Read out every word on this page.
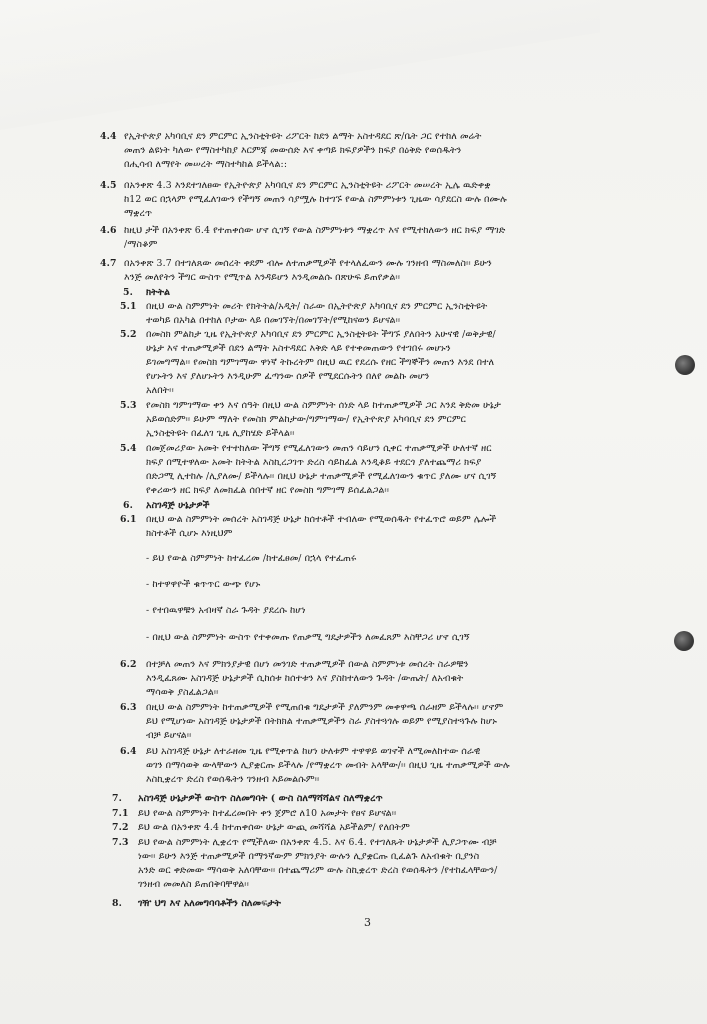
4.4 የኢትዮጵያ አካባቢና ደን ምርምር ኢንስቲትዩት ሪፖርት ከደን ልማት አስተዳደር ጽ/ቤት ጋር የተከለ መሬት
መጠን ልዩነት ካለው የማስተካከያ እርምጃ መውሰድ እና ቀጣይ ክፍያዎችን ክፍያ በዕቅድ የወሰዱትን
በሒሳብ ለማየት መሠረት ማስተካከል ይችላል::
4.5 በአንቀጽ 4.3 እንደተገለፀው የኢትዮጵያ አካባቢና ደን ምርምር ኢንስቲትዩት ሪፖርት መሠረት ኢሌ ዉድቀቋ
ከ12 ወር በኋላም የሚፈለገውን የችግኝ መጠን ሳያሟሉ ከተገኙ የውል ስምምነቱን ጊዜው ሳያደርስ ውሉ በሙሉ
ማቋረጥ
4.6 ከዚህ ታች በአንቀጽ 6.4 የተጠቀሰው ሆኖ ሲገኝ የውል ስምምነቱን ማቋረጥ እና የሚተከለውን ዘር ክፍያ ማገድ
/ማስቆም
4.7 በአንቀጽ 3.7 በተገለጸው መሰረት ቀደም ብሎ ለተጠቃሚዎች የተላለፈውን ሙሉ ገንዘብ ማስመለስ፡፡ ይሁን
እንጅ መለየትን ችግር ውስጥ የሚጥል እንዳይሆን እንዲመልሱ በጽሁፍ ይጠየቃል፡፡
5. ክትትል
5.1 በዚህ ውል ስምምነት መሪት የክትትል/አዲት/ ስራው በኢትዮጵያ አካባቢና ደን ምርምር ኢንስቲትዩት
ተወካይ በአካል በተከለ ቦታው ላይ በመገኘት/በመገኘት/የሚከናወን ይሆናል፡፡
5.2 በመስክ ምልከታ ጊዜ የኢትዮጵያ አካባቢና ደን ምርምር ኢንስቲትዩት ችግኙ ያለበትን አሁናዊ /ወቅታዊ/
ሁኔታ እና ተጠቃሚዎች በደን ልማት አስተዳደር እቅድ ላይ የተቀመጠውን የተገበሩ መሆኑን
ይገመግማል፡፡ የመስክ ግምገማው ዋነኛ ትኩረትም በዚህ ዉር የደረሱ የዘር ችግኞችን መጠን እንደ በተለ
የሆኑትን እና ያለሆኑትን እንዲሁም ፈጣንው ሰዎች የሚደርሱትን በለየ መልኩ መሆን
አለበት፡፡
5.3 የመስክ ግምገማው ቀን እና ሰዓት በዚህ ውል ስምምነት ሰነድ ላይ ከተጠቃሚዎች ጋር እንደ ቅድመ ሁኔታ
አይወሰድም፡፡ ይሁም ማለት የመስክ ምልከታው/ግምገማው/ የኢትዮጵያ አካባቢና ደን ምርምር
ኢንስቲትዩት በፈለገ ጊዜ ሊያከሄድ ይችላል፡፡
5.4 በመጀመሪያው አመት የተተከለው ችግኝ የሚፈለገውን መጠን ሳይሆን ሲቀር ተጠቃሚዎች ሁለተኛ ዘር
ክፍያ በሚተዋለው አመት ከትትል እስኪረጋገጥ ድረስ ሳይከፈል እንዲቆይ ተደርጎ ያለተጨማሪ ክፍያ
በድጋሚ ሊተከሉ /ሊያለሙ/ ይችላሉ፡፡ በዚህ ሁኔታ ተጠቃሚዎች የሚፈለገውን ቁጥር ያለሙ ሆና ሲገኝ
የቀሪውን ዘር ክፍያ ለመክፈል ሰበተኛ ዘር የመስክ ግምገማ ይሰፈልጋል፡፡
6. አስገዳጅ ሁኔታዎች
6.1 በዚህ ውል ስምምነት መሰረት አስገዳጅ ሁኔታ ከሰተቶች ተብለው የሚወሰዱት የተፈጥሮ ወይም ሌሎች
ክስተቶች ሲሆኑ እነዚህም
- ይህ የውል ስምምነት ከተፈረመ /ከተፈፀመ/ በኋላ የተፈጠሩ
- ከተዋዋዮች ቁጥጥር ውጭ የሆኑ
- የተበዉዋቹን አብዛኛ ስራ ጉዳት ያደረሱ ከሆነ
- በዚህ ውል ስምምነት ውስጥ የተቀመጡ የጠቃሚ ግዴታዎችን ለመፈጸም እስቸጋሪ ሆኖ ሲገኝ
6.2 በተቻለ መጠን እና ምክንያታዊ በሆነ መንገድ ተጠቃሚዎች በውል ስምምነቱ መሰረት ስራዎቹን
እንዲፈጸሙ አስገዳጅ ሁኔታዎች ሲከሰቱ ከሰተቱን እና ያስከተለውን ጉዳት /ውጤት/ ለአብቁት
ማሳወቅ ያስፈልጋል፡፡
6.3 በዚህ ውል ስምምነት ከተጠቃሚዎች የሚጠበቁ ግዴታዎች ያለምንም መቀዋጫ ሰራዘም ይችላሉ፡፡ ሆኖም
ይህ የሚሆነው አስገዳጅ ሁኔታዎች በትክክል ተጠቃሚዎችን ስራ ያስተጓጎሉ ወይም የሚያስተጓጉሉ ከሆኑ
ብቻ ይሆናል፡፡
6.4 ይህ አስገዳጅ ሁኔታ ለተራዘመ ጊዜ የሚቀጥል ከሆነ ሁለቱም ተዋዋይ ወገኖች ለሚመለከተው ሰራዊ
ወገን በማሳወቅ ውላቸውን ሊያቋርጡ ይችላሉ /የማቋረጥ መብት አላቸው/፡፡ በዚህ ጊዜ ተጠቃሚዎች ውሉ
እስኪቋረጥ ድረስ የወሰዱትን ገንዘብ እይመልሱም፡፡
7. አስገዳጅ ሁኔታዎች ውስጥ ስለመግባት ( ውስ ስለማሻሻልና ስለማቋረጥ
7.1 ይህ የውል ስምምነት ከተፈረመበት ቀን ጀምሮ ለ10 አመታት የፀና ይሆናል፡፡
7.2 ይህ ውል በአንቀጽ 4.4 ከተጠቀሰው ሁኔታ ውጪ መሻሻል አይችልም/ የለበትም
7.3 ይህ የውል ስምምነት ሊቋረጥ የሚችለው በአንቀጽ 4.5. እና 6.4. የተገለጹት ሁኔታዎች ሊያጋጥሙ ብቻ
ነው፡፡ ይሁን እንጅ ተጠቃሚዎች በማንኛውም ምክንያት ውሉን ሊያቋርጡ ቢፈልጉ ለአብቁት ቢያንስ
አንድ ወር ቀድመው ማሳወቅ አለባቸው፡፡ በተጨማሪም ውሉ ስኪቋረጥ ድረስ የወሰዱትን /የተከፈላቸውን/
ገንዘብ መመለስ ይጠበቅባቸዋል፡፡
8. ገዥ ህግ እና አለመግባባቶችን ስለመፍታት
3
